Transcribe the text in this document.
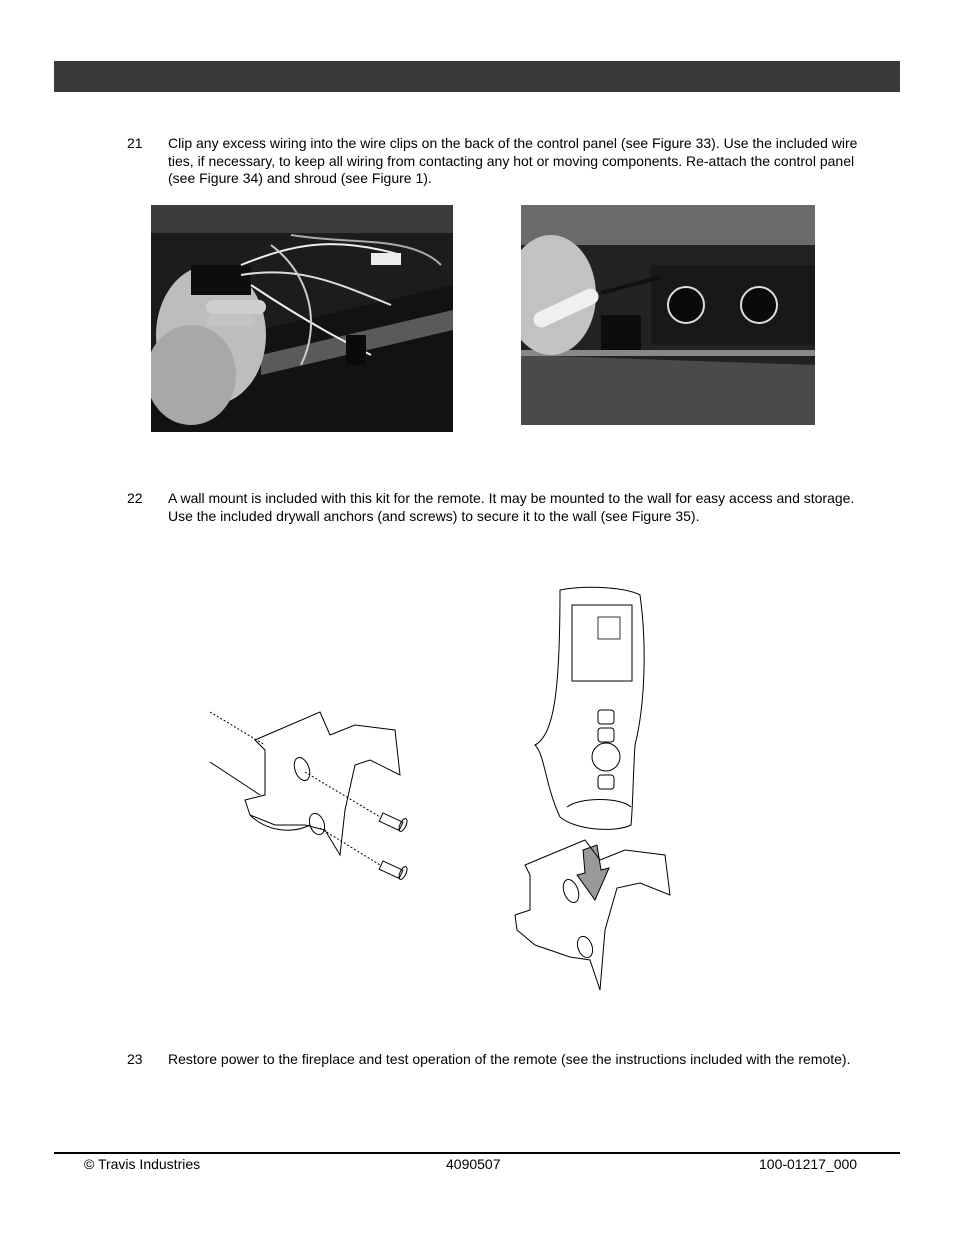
21 Clip any excess wiring into the wire clips on the back of the control panel (see Figure 33). Use the included wire ties, if necessary, to keep all wiring from contacting any hot or moving components. Re-attach the control panel (see Figure 34) and shroud (see Figure 1).
22 A wall mount is included with this kit for the remote. It may be mounted to the wall for easy access and storage. Use the included drywall anchors (and screws) to secure it to the wall (see Figure 35).
23 Restore power to the fireplace and test operation of the remote (see the instructions included with the remote).
© Travis Industries	4090507	100-01217_000
